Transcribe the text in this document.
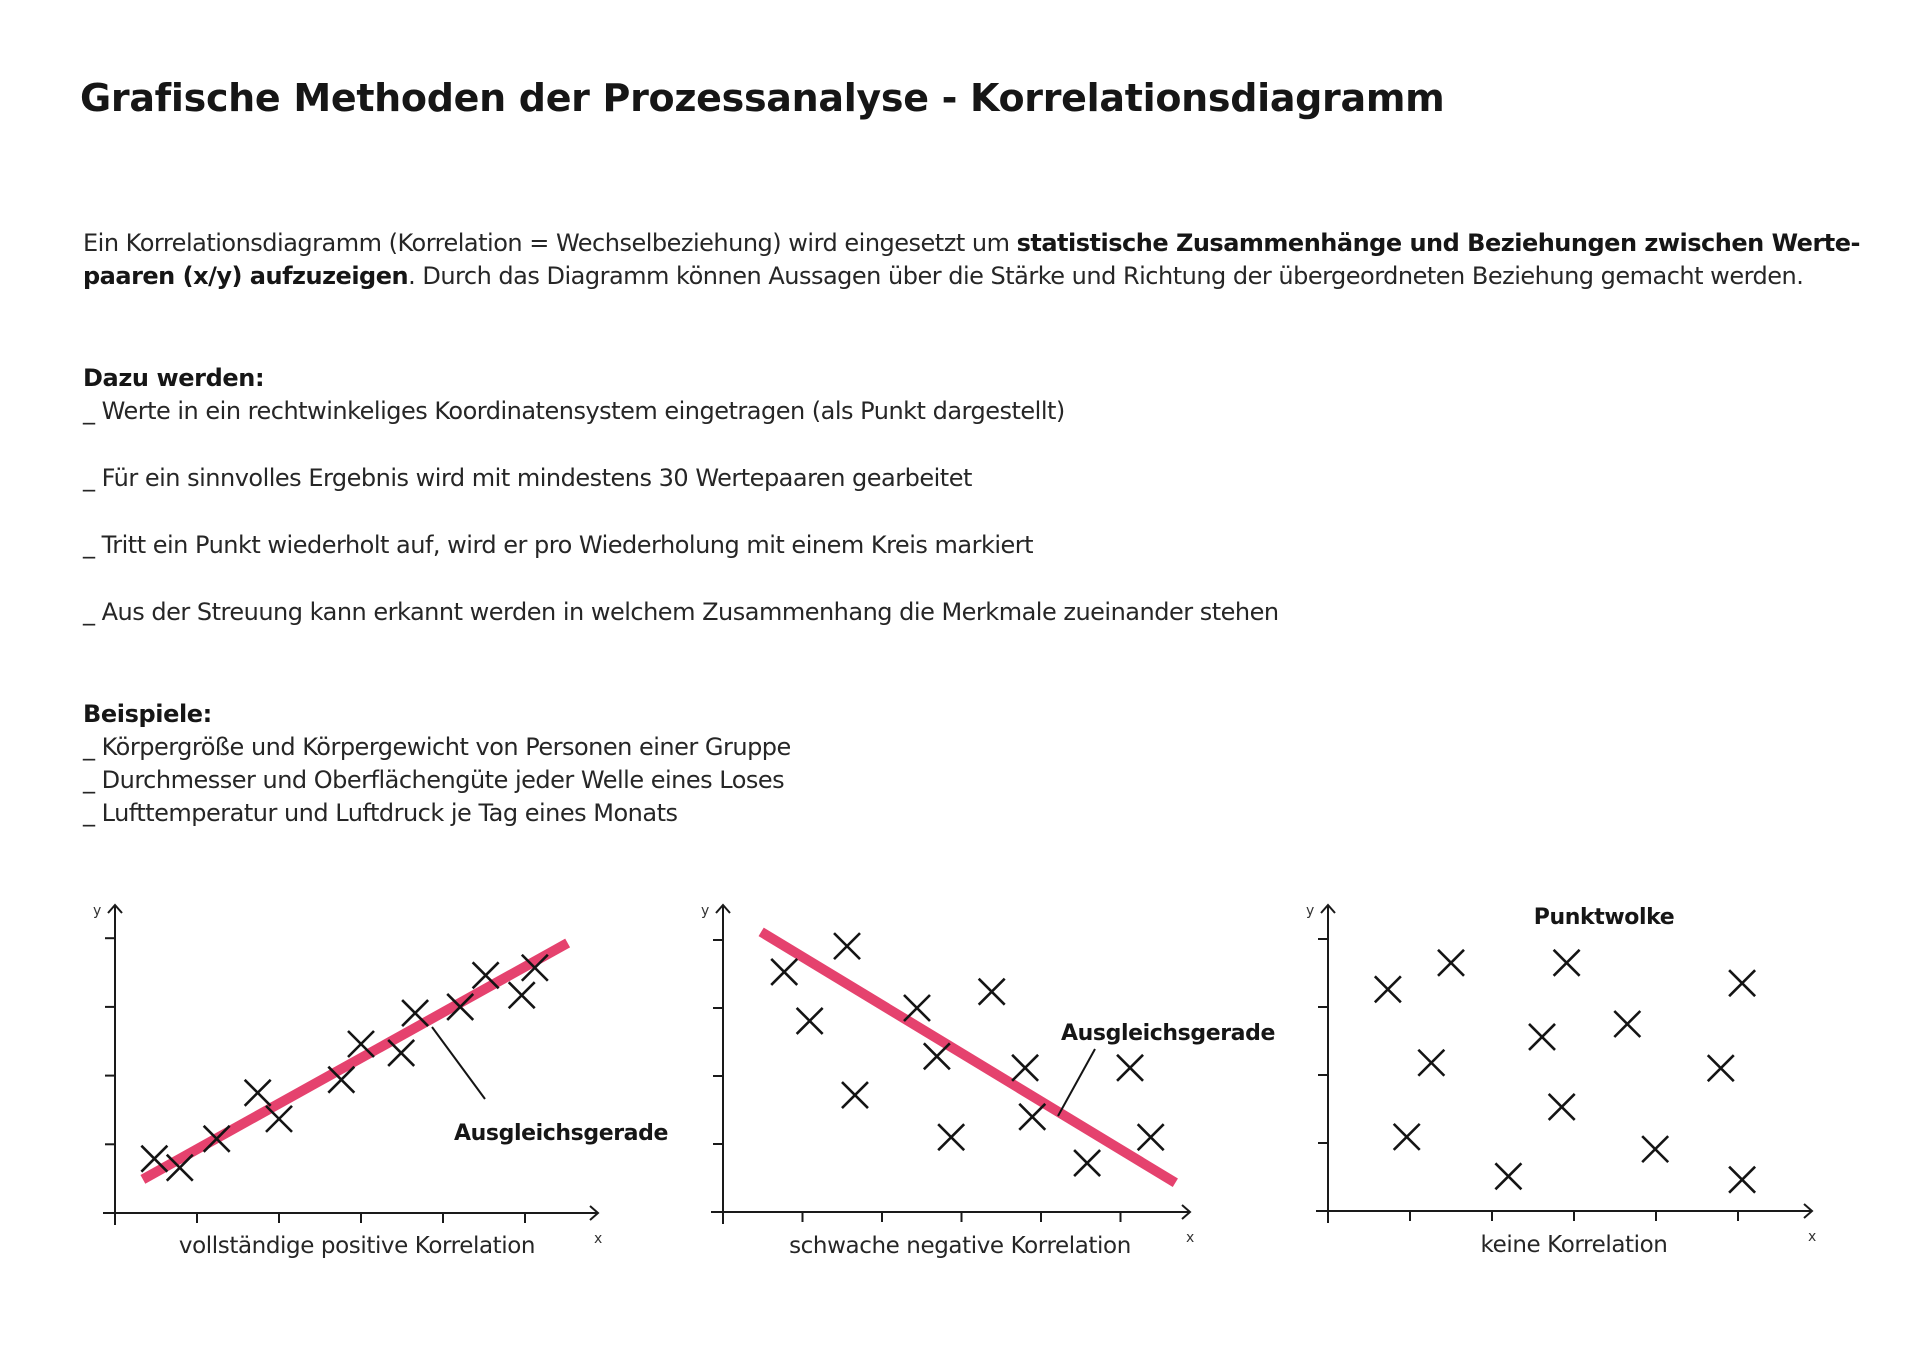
Grafische Methoden der Prozessanalyse - Korrelationsdiagramm

Ein Korrelationsdiagramm (Korrelation = Wechselbeziehung) wird eingesetzt um statistische Zusammenhänge und Beziehungen zwischen Werte-paaren (x/y) aufzuzeigen. Durch das Diagramm können Aussagen über die Stärke und Richtung der übergeordneten Beziehung gemacht werden.

Dazu werden:

_ Werte in ein rechtwinkeliges Koordinatensystem eingetragen (als Punkt dargestellt)

_ Für ein sinnvolles Ergebnis wird mit mindestens 30 Wertepaaren gearbeitet

_ Tritt ein Punkt wiederholt auf, wird er pro Wiederholung mit einem Kreis markiert

_ Aus der Streuung kann erkannt werden in welchem Zusammenhang die Merkmale zueinander stehen

Beispiele:

_ Körpergröße und Körpergewicht von Personen einer Gruppe

_ Durchmesser und Oberflächengüte jeder Welle eines Loses

_ Lufttemperatur und Luftdruck je Tag eines Monats

y
x
Ausgleichsgerade
vollständige positive Korrelation
y
x
Ausgleichsgerade
schwache negative Korrelation
y
x
Punktwolke
keine Korrelation
